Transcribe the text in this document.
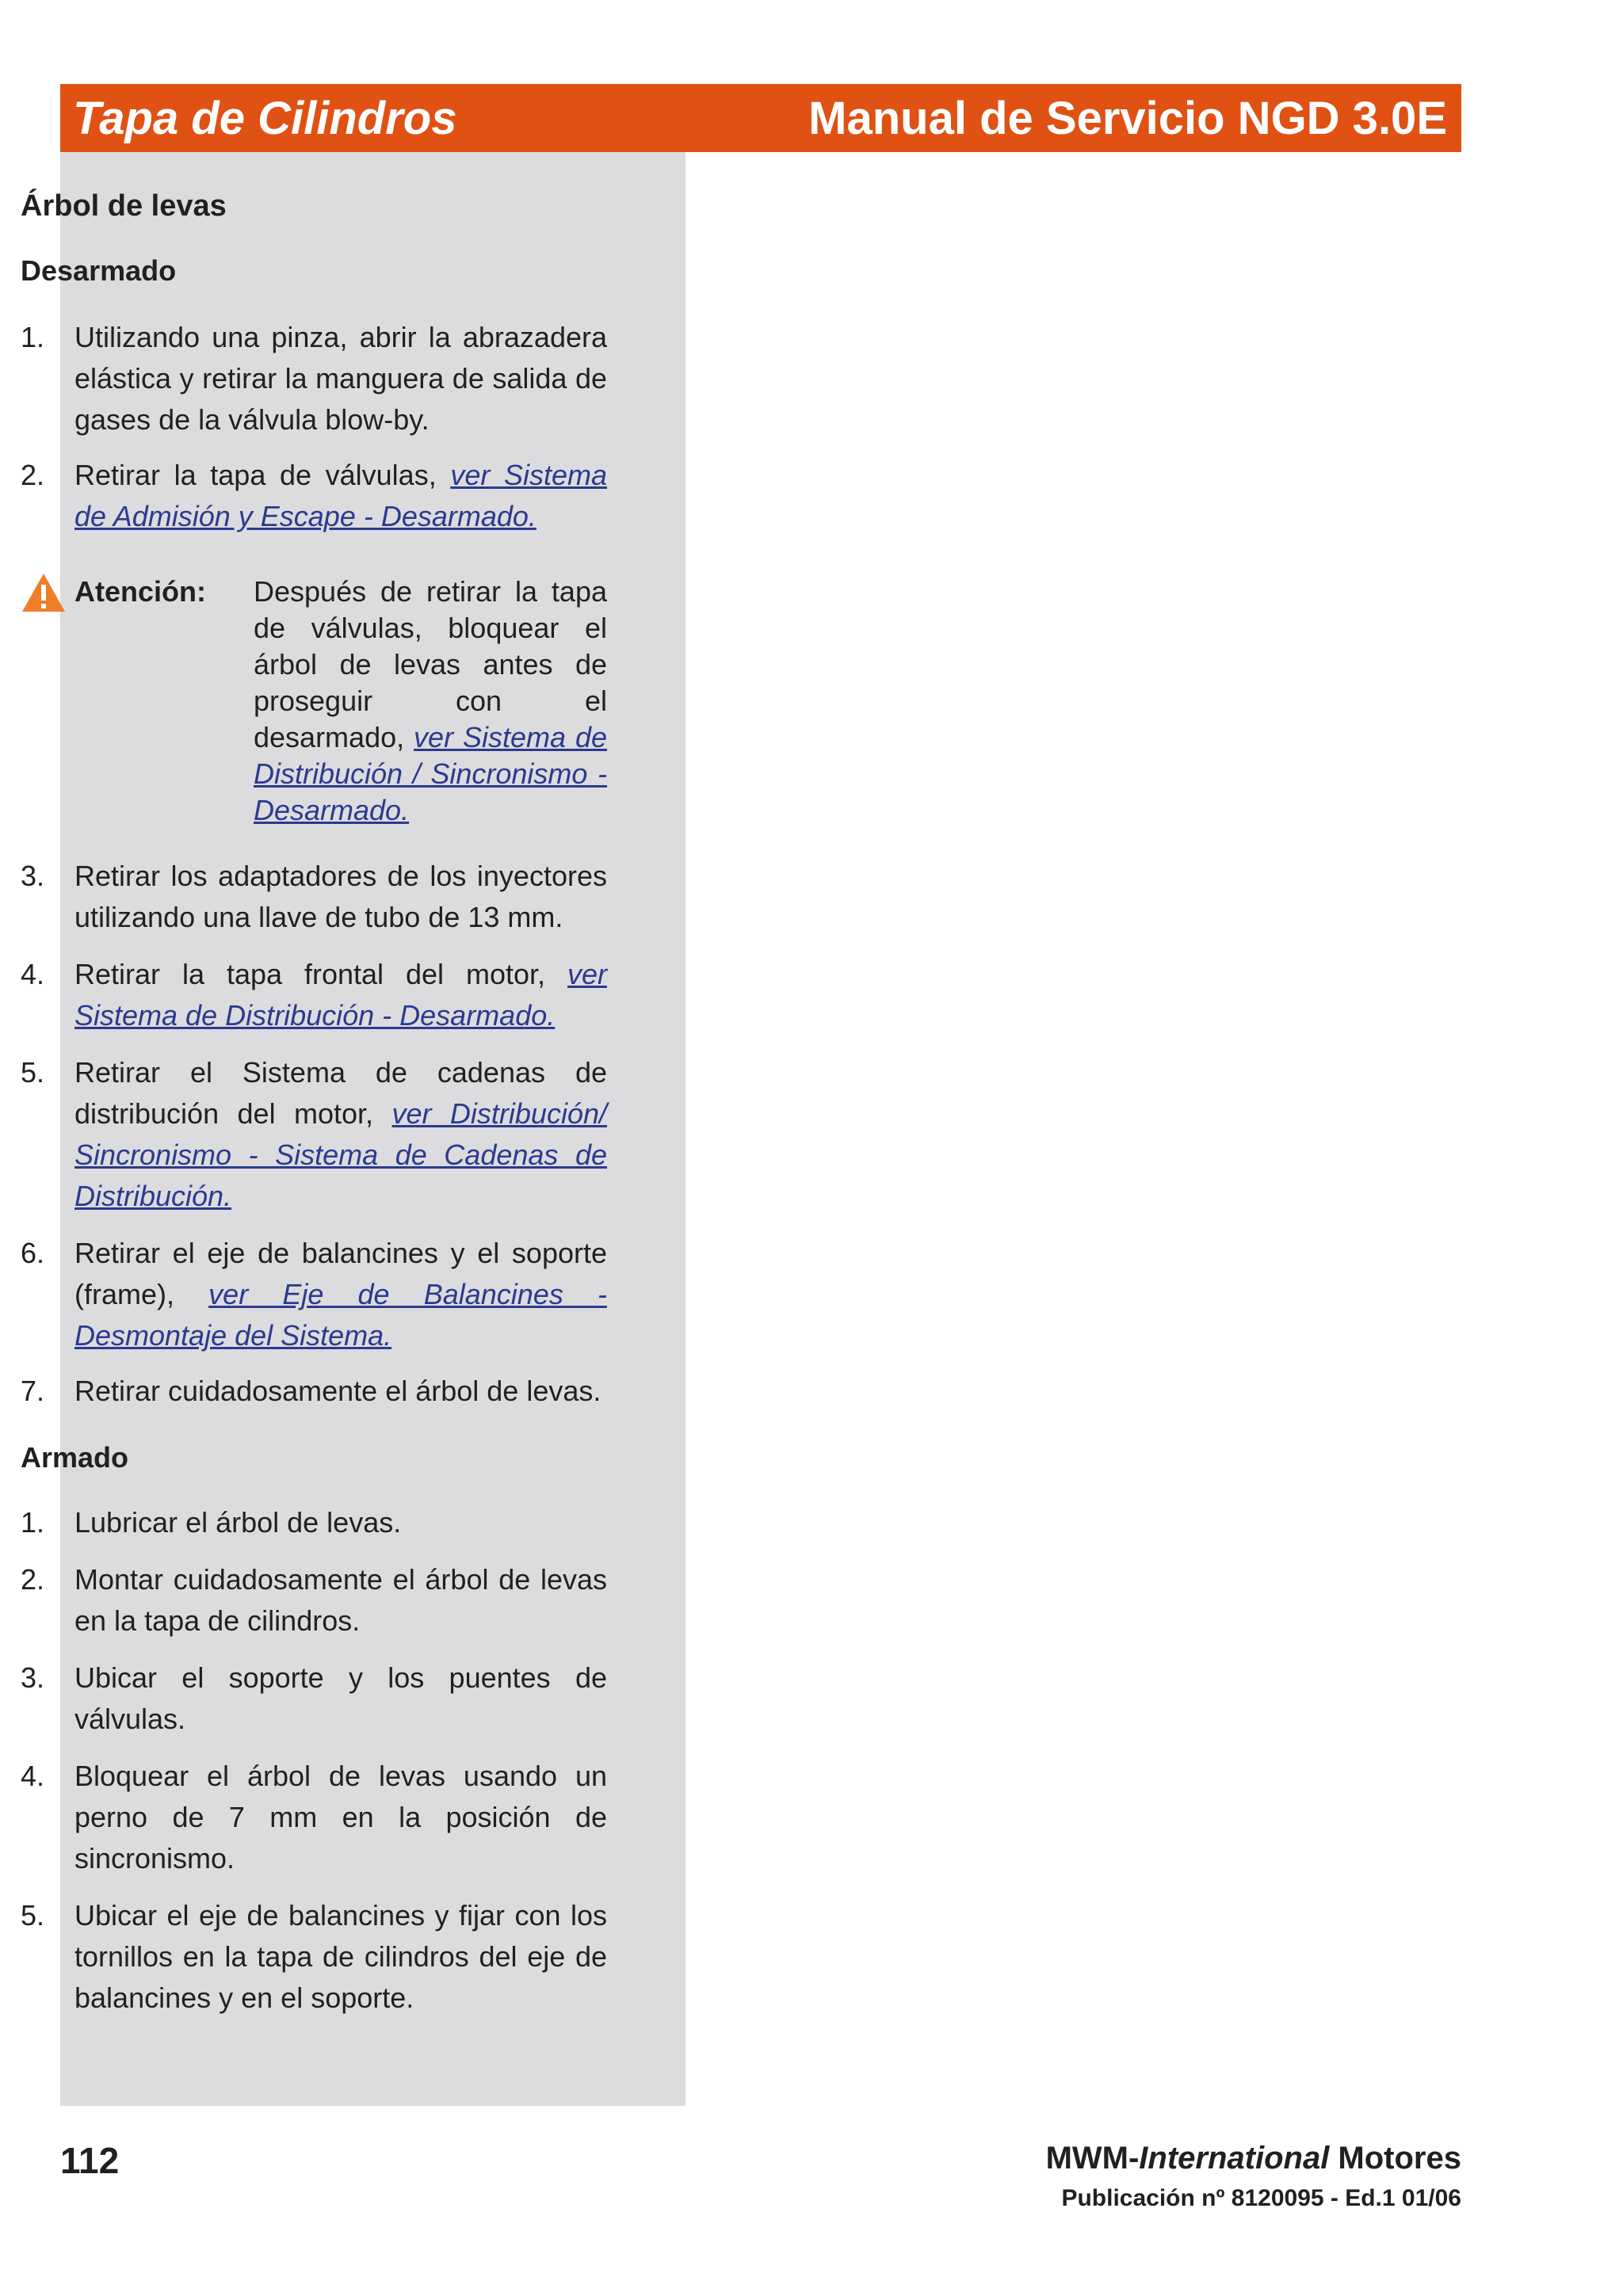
Tapa de Cilindros	Manual de Servicio NGD 3.0E
Árbol de levas
Desarmado
1. Utilizando una pinza, abrir la abrazadera elástica y retirar la manguera de salida de gases de la válvula blow-by.
2. Retirar la tapa de válvulas, ver Sistema de Admisión y Escape - Desarmado.
Atención: Después de retirar la tapa de válvulas, bloquear el árbol de levas antes de proseguir con el desarmado, ver Sistema de Distribución / Sincronismo - Desarmado.
3. Retirar los adaptadores de los inyectores utilizando una llave de tubo de 13 mm.
4. Retirar la tapa frontal del motor, ver Sistema de Distribución - Desarmado.
5. Retirar el Sistema de cadenas de distribución del motor, ver Distribución/ Sincronismo - Sistema de Cadenas de Distribución.
6. Retirar el eje de balancines y el soporte (frame), ver Eje de Balancines - Desmontaje del Sistema.
7. Retirar cuidadosamente el árbol de levas.
Armado
1. Lubricar el árbol de levas.
2. Montar cuidadosamente el árbol de levas en la tapa de cilindros.
3. Ubicar el soporte y los puentes de válvulas.
4. Bloquear el árbol de levas usando un perno de 7 mm en la posición de sincronismo.
5. Ubicar el eje de balancines y fijar con los tornillos en la tapa de cilindros del eje de balancines y en el soporte.
112	MWM-International Motores
Publicación nº 8120095 - Ed.1 01/06
